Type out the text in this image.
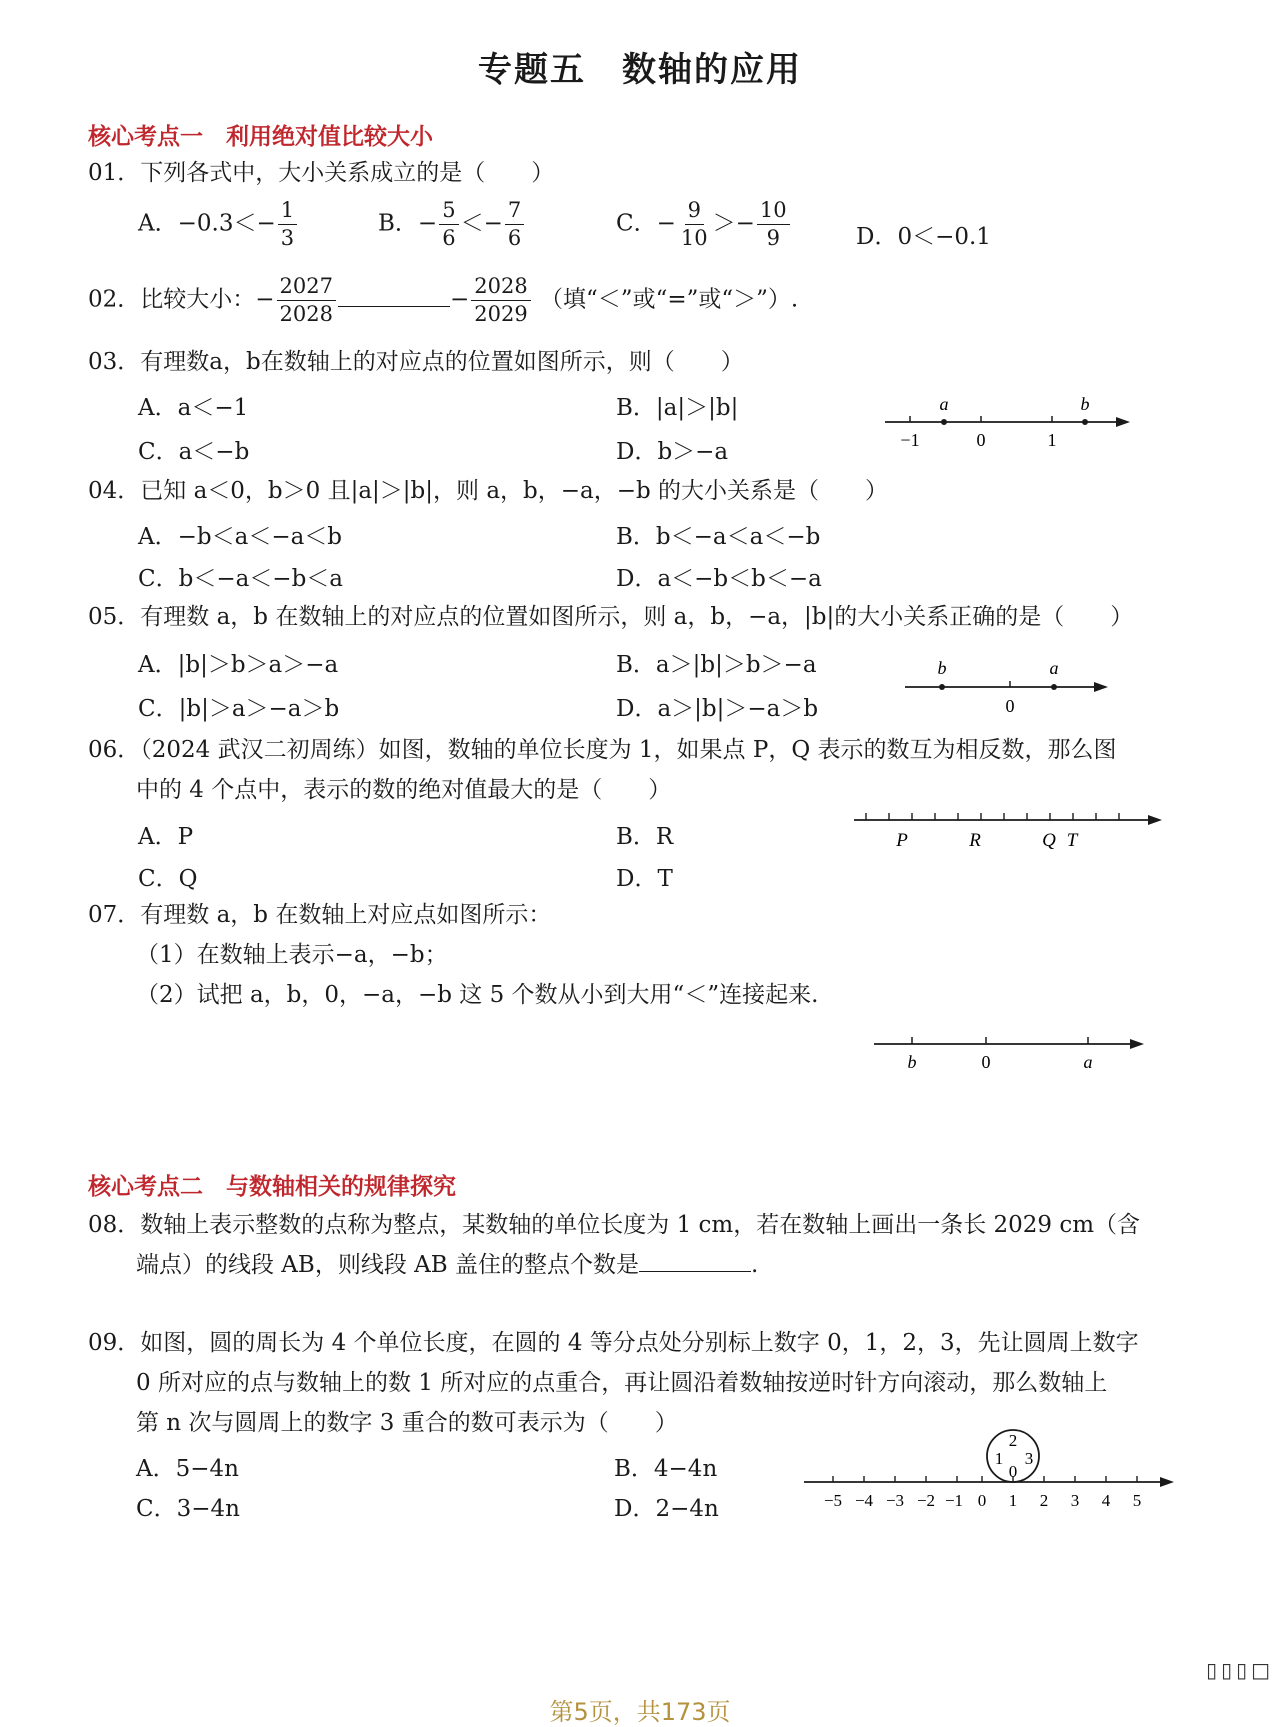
专题五　数轴的应用
核心考点一　利用绝对值比较大小
01．下列各式中，大小关系成立的是（　　）
A．$-0.3<- \frac{1}{3}$	B．− $\frac{5}{6} <- \frac{7}{6}$	C．− $\frac{9}{10} >- \frac{10}{9}$	D．0＜−0.1
02．比较大小：− $\frac{2027}{2028}$	− $\frac{2028}{2029}$ （填“＜”或“=”或“＞”）.
03．有理数a，b在数轴上的对应点的位置如图所示，则（　　）
A．a＜−1	B．|a|＞|b|
C．a＜−b	D．b＞−a
a	b
−1	0	1
04．已知 a＜0，b＞0 且|a|＞|b|，则 a，b，−a，−b 的大小关系是（　　）
A．−b＜a＜−a＜b	B．b＜−a＜a＜−b
C．b＜−a＜−b＜a	D．a＜−b＜b＜−a
05．有理数 a，b 在数轴上的对应点的位置如图所示，则 a，b，−a，|b|的大小关系正确的是（　　）
A．|b|＞b＞a＞−a	B．a＞|b|＞b＞−a
C．|b|＞a＞−a＞b	D．a＞|b|＞−a＞b
b	a
0
06．（2024 武汉二初周练）如图，数轴的单位长度为 1，如果点 P，Q 表示的数互为相反数，那么图
中的 4 个点中，表示的数的绝对值最大的是（　　）
A．P	B．R
C．Q	D．T
P	R	Q T
07．有理数 a，b 在数轴上对应点如图所示：
（1）在数轴上表示−a，−b；
（2）试把 a，b，0，−a，−b 这 5 个数从小到大用“＜”连接起来.
b	0	a
核心考点二　与数轴相关的规律探究
08．数轴上表示整数的点称为整点，某数轴的单位长度为 1 cm，若在数轴上画出一条长 2029 cm（含
端点）的线段 AB，则线段 AB 盖住的整点个数是	.
09．如图，圆的周长为 4 个单位长度，在圆的 4 等分点处分别标上数字 0，1，2，3，先让圆周上数字
0 所对应的点与数轴上的数 1 所对应的点重合，再让圆沿着数轴按逆时针方向滚动，那么数轴上
第 n 次与圆周上的数字 3 重合的数可表示为（　　）
A．5−4n	B．4−4n
C．3−4n	D．2−4n
2
1
0
3
−5 −4 −3 −2 −1 0 1 2 3 4 5
▯▯▯□
第5页，共173页
